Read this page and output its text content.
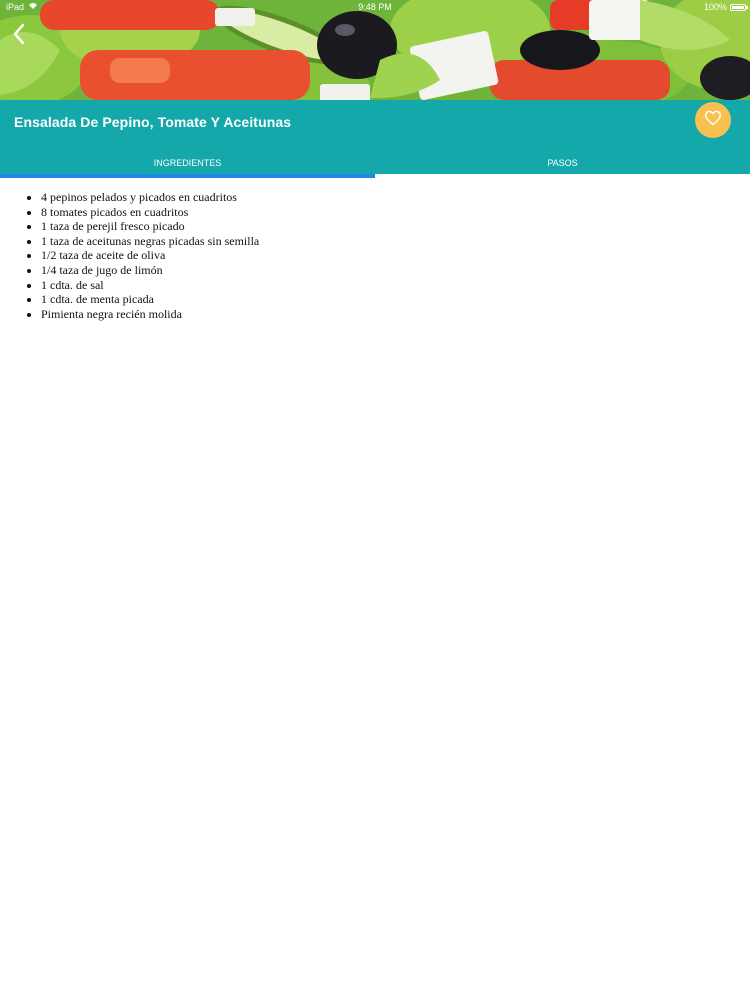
iPad	9:48 PM	100%
Ensalada De Pepino, Tomate Y Aceitunas
INGREDIENTES	PASOS
• 4 pepinos pelados y picados en cuadritos
• 8 tomates picados en cuadritos
• 1 taza de perejil fresco picado
• 1 taza de aceitunas negras picadas sin semilla
• 1/2 taza de aceite de oliva
• 1/4 taza de jugo de limón
• 1 cdta. de sal
• 1 cdta. de menta picada
• Pimienta negra recién molida
